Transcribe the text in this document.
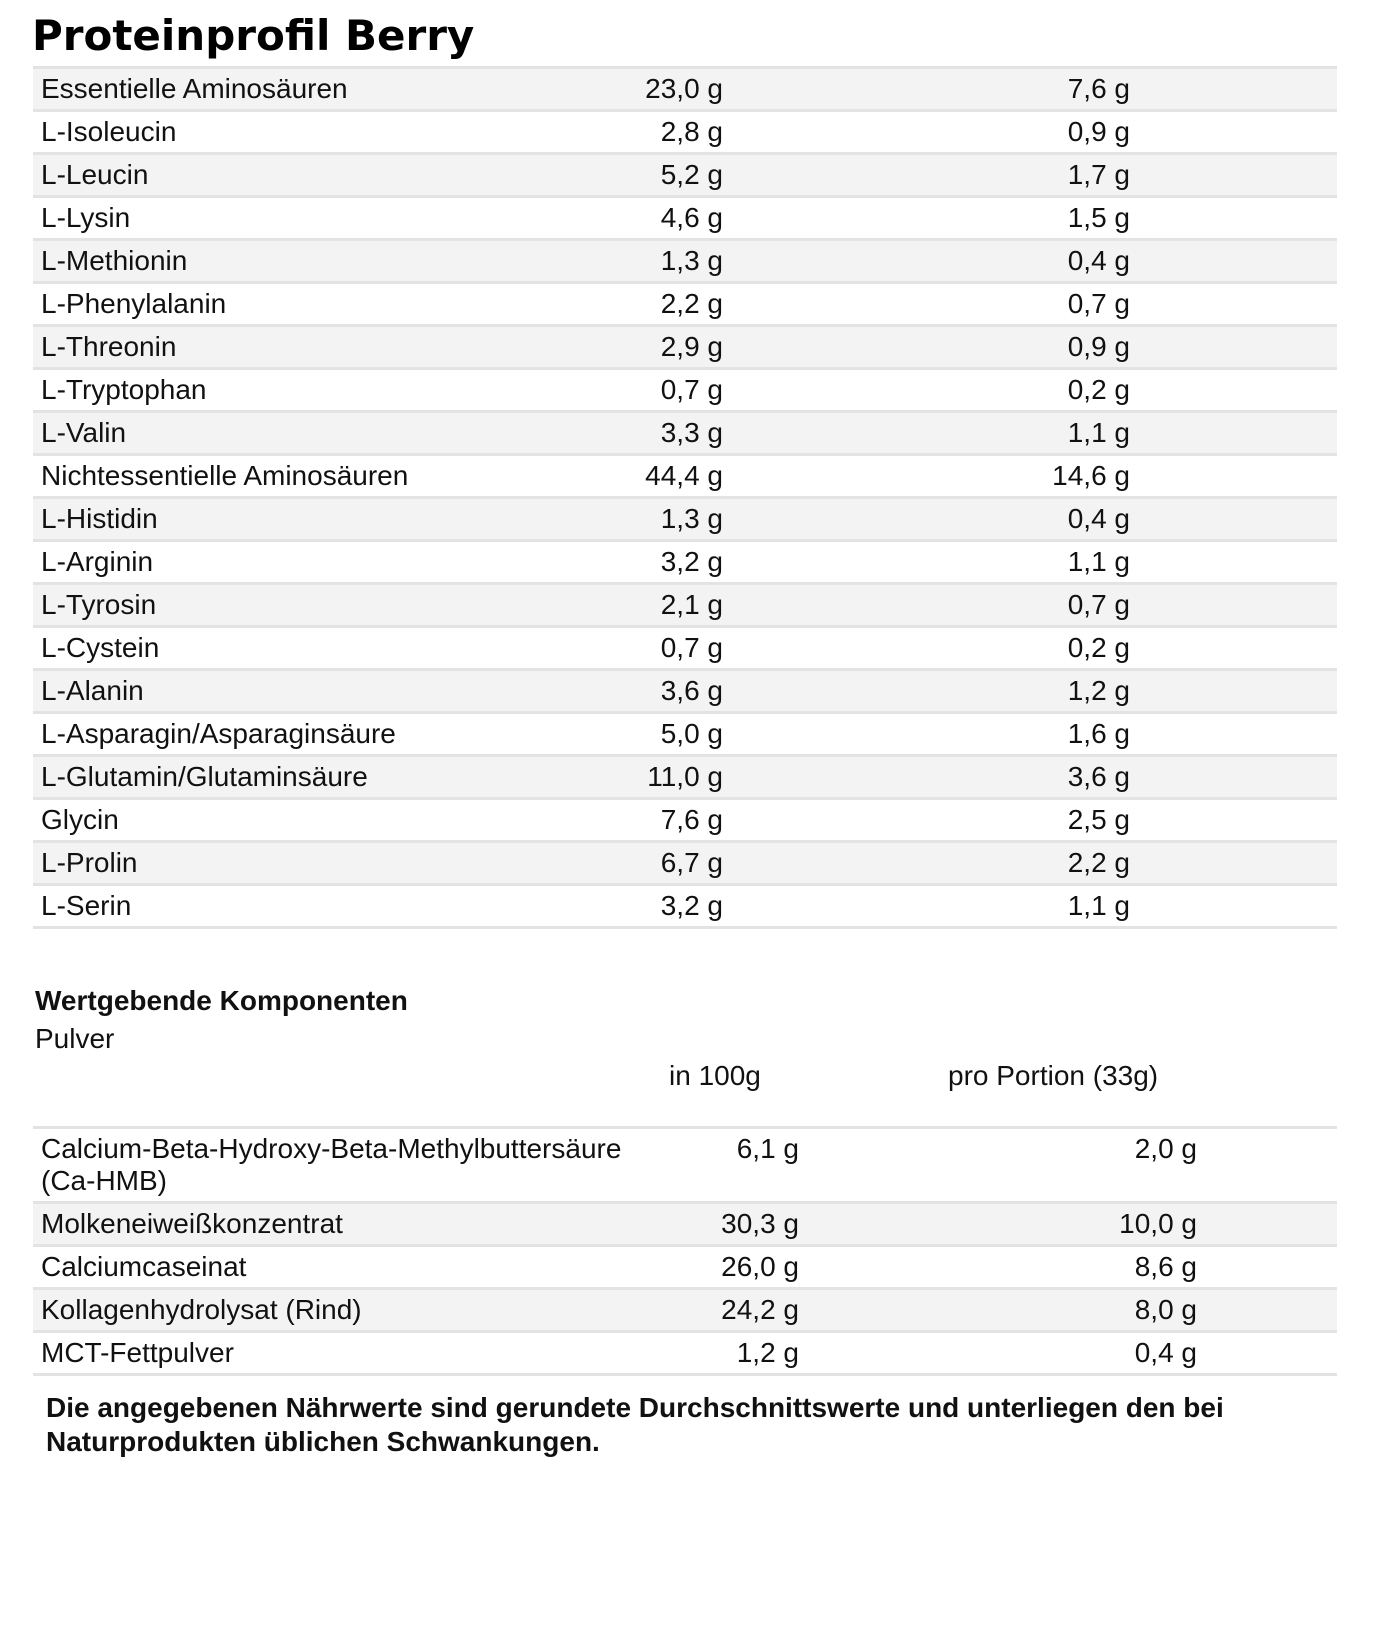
Proteinprofil Berry
Essentielle Aminosäuren	23,0 g	7,6 g
L-Isoleucin	2,8 g	0,9 g
L-Leucin	5,2 g	1,7 g
L-Lysin	4,6 g	1,5 g
L-Methionin	1,3 g	0,4 g
L-Phenylalanin	2,2 g	0,7 g
L-Threonin	2,9 g	0,9 g
L-Tryptophan	0,7 g	0,2 g
L-Valin	3,3 g	1,1 g
Nichtessentielle Aminosäuren	44,4 g	14,6 g
L-Histidin	1,3 g	0,4 g
L-Arginin	3,2 g	1,1 g
L-Tyrosin	2,1 g	0,7 g
L-Cystein	0,7 g	0,2 g
L-Alanin	3,6 g	1,2 g
L-Asparagin/Asparaginsäure	5,0 g	1,6 g
L-Glutamin/Glutaminsäure	11,0 g	3,6 g
Glycin	7,6 g	2,5 g
L-Prolin	6,7 g	2,2 g
L-Serin	3,2 g	1,1 g
Wertgebende Komponenten
Pulver
in 100g	pro Portion (33g)
Calcium-Beta-Hydroxy-Beta-Methylbuttersäure (Ca-HMB)
6,1 g	2,0 g
Molkeneiweißkonzentrat	30,3 g	10,0 g
Calciumcaseinat	26,0 g	8,6 g
Kollagenhydrolysat (Rind)	24,2 g	8,0 g
MCT-Fettpulver	1,2 g	0,4 g

Die angegebenen Nährwerte sind gerundete Durchschnittswerte und unterliegen den bei Naturprodukten üblichen Schwankungen.
